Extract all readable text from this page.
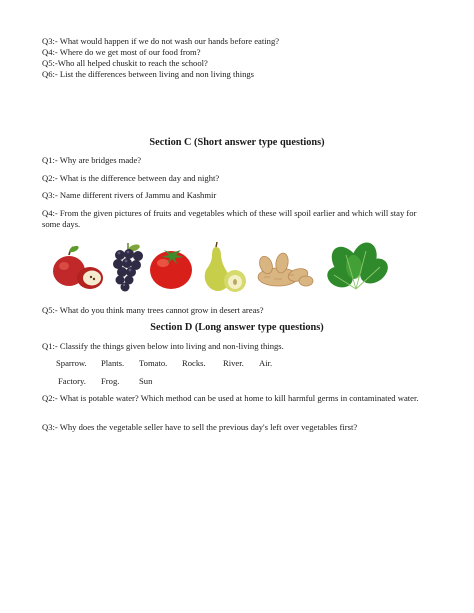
Q3:- What would happen if we do not wash our hands before eating?

Q4:- Where do we get most of our food from?

Q5:-Who all helped chuskit to reach the school?

Q6:- List the differences between living and non living things

Section C (Short answer type questions)

Q1:- Why are bridges made?

Q2:- What is the difference between day and night?

Q3:- Name different rivers of Jammu and Kashmir

Q4:- From the given pictures of fruits and vegetables which of these will spoil earlier and which will stay for some days.

Q5:- What do you think many trees cannot grow in desert areas?

Section D (Long answer type questions)

Q1:- Classify the things given below into living and non-living things.

Sparrow. Plants. Tomato. Rocks. River. Air.
Factory. Frog. Sun

Q2:- What is potable water? Which method can be used at home to kill harmful germs in contaminated water.

Q3:- Why does the vegetable seller have to sell the previous day's left over vegetables first?
